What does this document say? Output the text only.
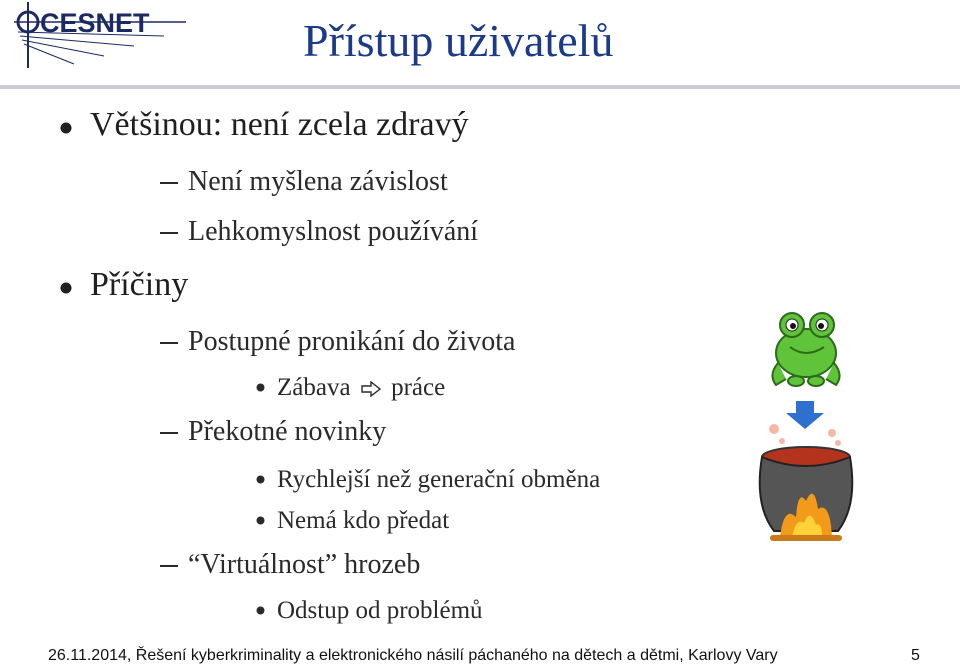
CESNET	Přístup uživatelů
Většinou: není zcela zdravý
Není myšlena závislost
Lehkomyslnost používání
Příčiny
Postupné pronikání do života
Zábava práce
Překotné novinky
Rychlejší než generační obměna
Nemá kdo předat
“Virtuálnost” hrozeb
Odstup od problémů
26.11.2014, Řešení kyberkriminality a elektronického násilí páchaného na dětech a dětmi, Karlovy Vary	5
